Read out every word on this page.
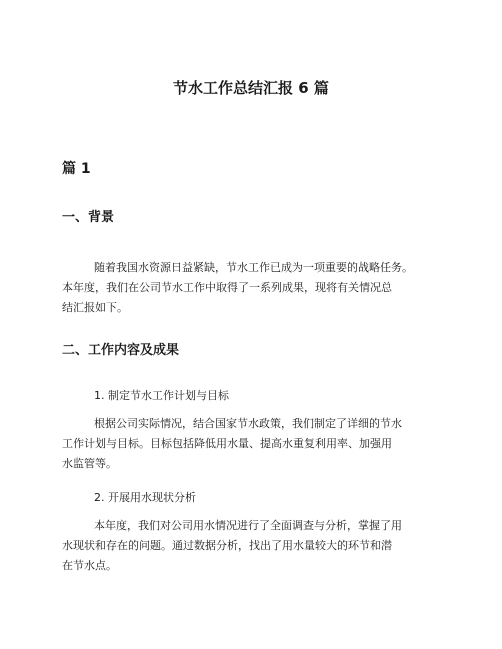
节水工作总结汇报 6 篇
篇 1
一、背景
随着我国水资源日益紧缺，节水工作已成为一项重要的战略任务。
本年度，我们在公司节水工作中取得了一系列成果，现将有关情况总
结汇报如下。
二、工作内容及成果
1. 制定节水工作计划与目标
根据公司实际情况，结合国家节水政策，我们制定了详细的节水
工作计划与目标。目标包括降低用水量、提高水重复利用率、加强用
水监管等。
2. 开展用水现状分析
本年度，我们对公司用水情况进行了全面调查与分析，掌握了用
水现状和存在的问题。通过数据分析，找出了用水量较大的环节和潜
在节水点。
